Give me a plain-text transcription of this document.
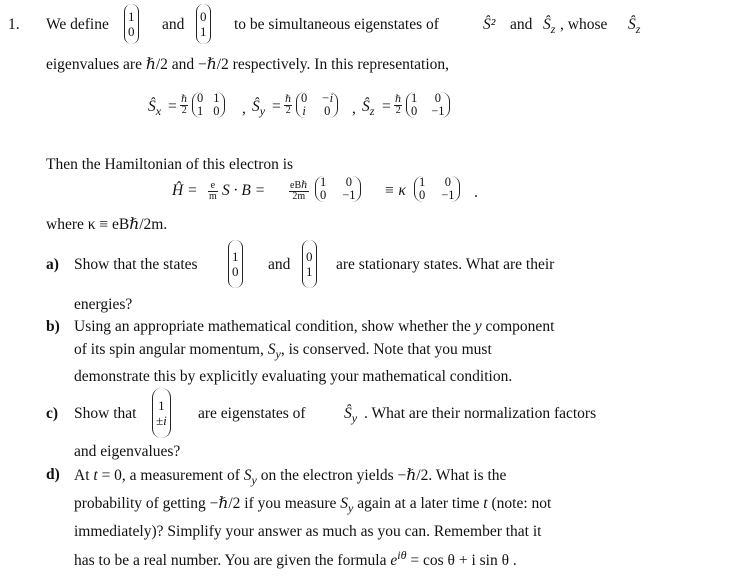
1. We define 1
0 and 0
1 to be simultaneous eigenstates of	Ŝ² and $Ŝ_z$ , whose $Ŝ_z$
eigenvalues are ℏ/2 and −ℏ/2 respectively. In this representation,
$Ŝ_x$ = ℏ
2
0 1
1 0 , $Ŝ_y$ = ℏ
2
0 −i
i 0 , $Ŝ_z$ = ℏ
2
1 0
0 −1
Then the Hamiltonian of this electron is
Ĥ = $\frac{e}{m}$ S · B = eBℏ
2m
1 0
0 −1 ≡ κ 1 0
0 −1 .
where κ ≡ eBℏ/2m.
a) Show that the states	1
0 and 0
1 are stationary states. What are their
energies?
b) Using an appropriate mathematical condition, show whether the y component
of its spin angular momentum, $S_y$, is conserved. Note that you must
demonstrate this by explicitly evaluating your mathematical condition.
c) Show that 1
±i are eigenstates of $Ŝ_y$ . What are their normalization factors
and eigenvalues?
d) At t = 0, a measurement of $S_y$ on the electron yields −ℏ/2. What is the
probability of getting −ℏ/2 if you measure $S_y$ again at a later time t (note: not
immediately)? Simplify your answer as much as you can. Remember that it
has to be a real number. You are given the formula $e^{i\theta} = \cos \theta + i$ sin θ .
